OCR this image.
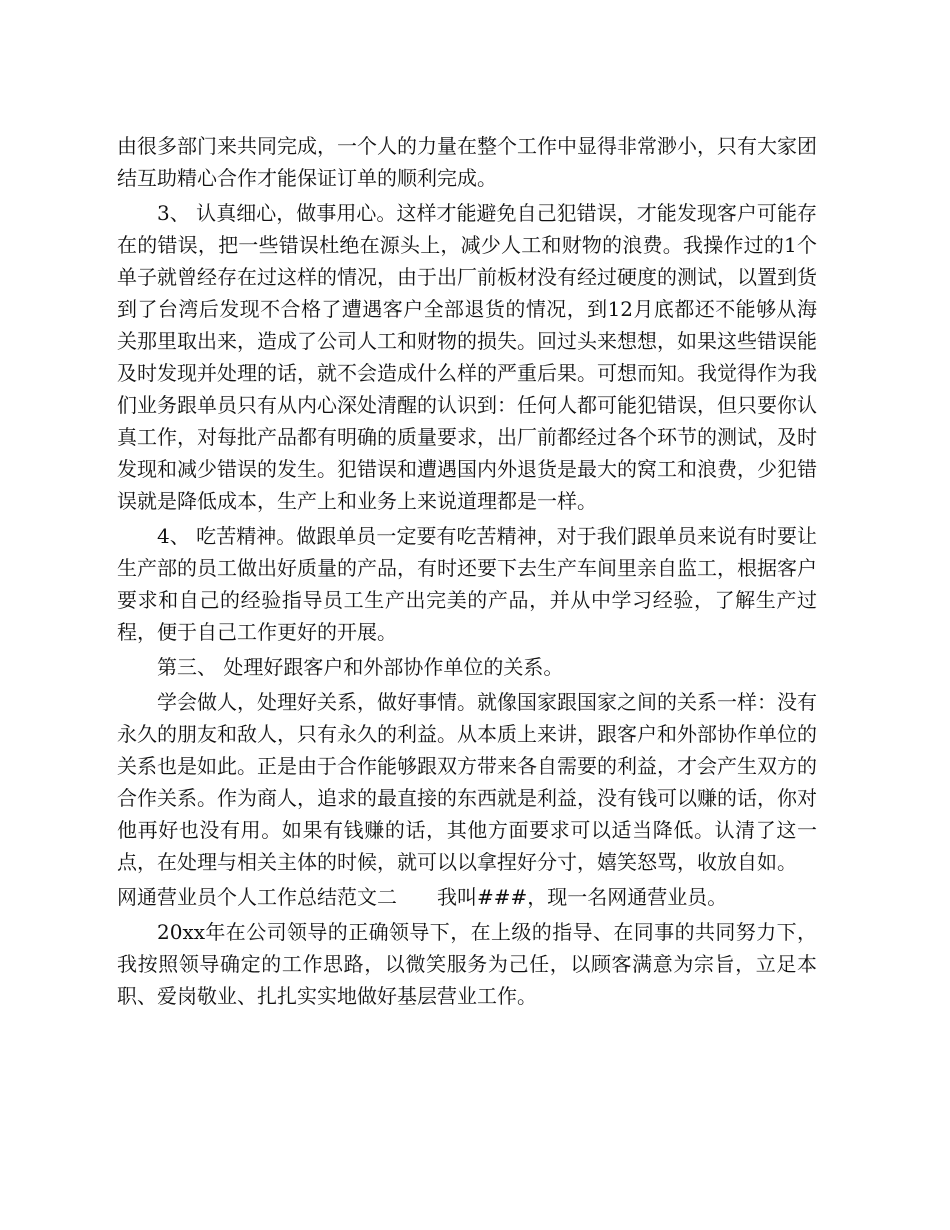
由很多部门来共同完成，一个人的力量在整个工作中显得非常渺小，只有大家团结互助精心合作才能保证订单的顺利完成。

3、 认真细心，做事用心。这样才能避免自己犯错误，才能发现客户可能存在的错误，把一些错误杜绝在源头上，减少人工和财物的浪费。我操作过的1个单子就曾经存在过这样的情况，由于出厂前板材没有经过硬度的测试，以置到货到了台湾后发现不合格了遭遇客户全部退货的情况，到12月底都还不能够从海关那里取出来，造成了公司人工和财物的损失。回过头来想想，如果这些错误能及时发现并处理的话，就不会造成什么样的严重后果。可想而知。我觉得作为我们业务跟单员只有从内心深处清醒的认识到：任何人都可能犯错误，但只要你认真工作，对每批产品都有明确的质量要求，出厂前都经过各个环节的测试，及时发现和减少错误的发生。犯错误和遭遇国内外退货是最大的窝工和浪费，少犯错误就是降低成本，生产上和业务上来说道理都是一样。

4、 吃苦精神。做跟单员一定要有吃苦精神，对于我们跟单员来说有时要让生产部的员工做出好质量的产品，有时还要下去生产车间里亲自监工，根据客户要求和自己的经验指导员工生产出完美的产品，并从中学习经验，了解生产过程，便于自己工作更好的开展。

第三、 处理好跟客户和外部协作单位的关系。

学会做人，处理好关系，做好事情。就像国家跟国家之间的关系一样：没有永久的朋友和敌人，只有永久的利益。从本质上来讲，跟客户和外部协作单位的关系也是如此。正是由于合作能够跟双方带来各自需要的利益，才会产生双方的合作关系。作为商人，追求的最直接的东西就是利益，没有钱可以赚的话，你对他再好也没有用。如果有钱赚的话，其他方面要求可以适当降低。认清了这一点，在处理与相关主体的时候，就可以以拿捏好分寸，嬉笑怒骂，收放自如。

网通营业员个人工作总结范文二　　我叫###，现一名网通营业员。

20xx年在公司领导的正确领导下，在上级的指导、在同事的共同努力下，我按照领导确定的工作思路，以微笑服务为己任，以顾客满意为宗旨，立足本职、爱岗敬业、扎扎实实地做好基层营业工作。
